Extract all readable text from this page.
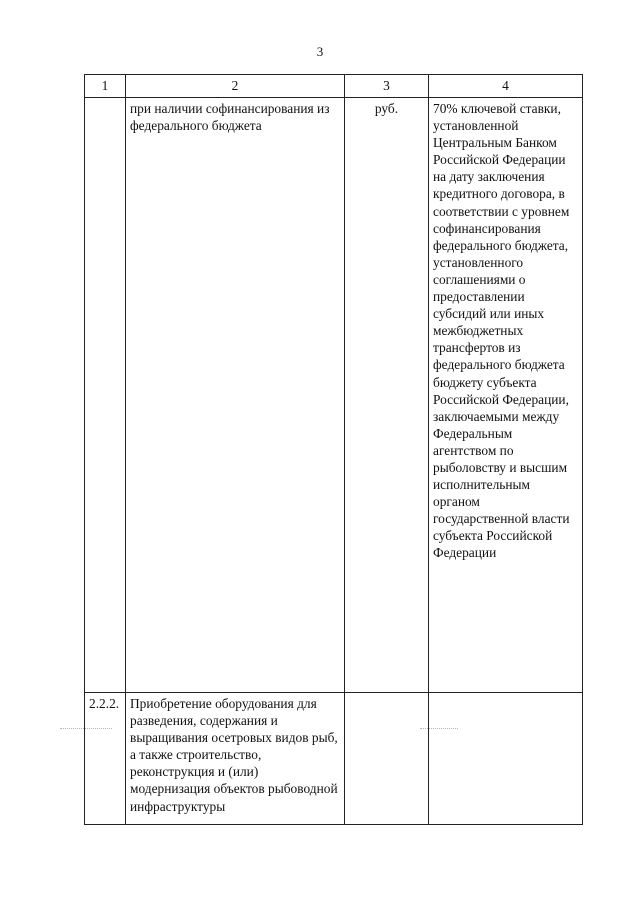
3
1	2	3	4
	при наличии софинансирования из федерального бюджета	руб.	70% ключевой ставки, установленной Центральным Банком Российской Федерации на дату заключения кредитного договора, в соответствии с уровнем софинансирования федерального бюджета, установленного соглашениями о предоставлении субсидий или иных межбюджетных трансфертов из федерального бюджета бюджету субъекта Российской Федерации, заключаемыми между Федеральным агентством по рыболовству и высшим исполнительным органом государственной власти субъекта Российской Федерации
2.2.2.	Приобретение оборудования для разведения, содержания и выращивания осетровых видов рыб, а также строительство, реконструкция и (или) модернизация объектов рыбоводной инфраструктуры		
